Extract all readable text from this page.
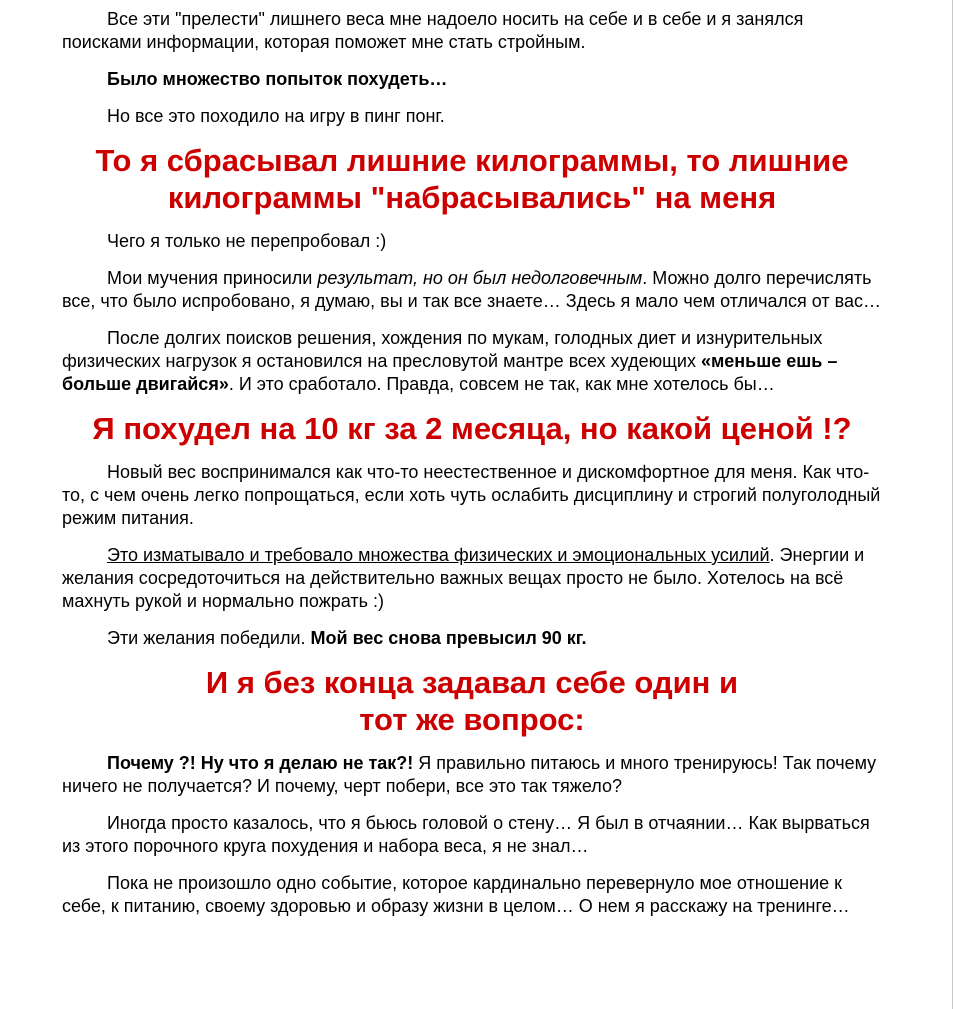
Все эти "прелести" лишнего веса мне надоело носить на себе и в себе и я занялся поисками информации, которая поможет мне стать стройным.

Было множество попыток похудеть…

Но все это походило на игру в пинг понг.

То я сбрасывал лишние килограммы, то лишние килограммы "набрасывались" на меня

Чего я только не перепробовал :)

Мои мучения приносили результат, но он был недолговечным. Можно долго перечислять все, что было испробовано, я думаю, вы и так все знаете… Здесь я мало чем отличался от вас…

После долгих поисков решения, хождения по мукам, голодных диет и изнурительных физических нагрузок я остановился на пресловутой мантре всех худеющих «меньше ешь – больше двигайся». И это сработало. Правда, совсем не так, как мне хотелось бы…

Я похудел на 10 кг за 2 месяца, но какой ценой !?

Новый вес воспринимался как что-то неестественное и дискомфортное для меня. Как что-то, с чем очень легко попрощаться, если хоть чуть ослабить дисциплину и строгий полуголодный режим питания.

Это изматывало и требовало множества физических и эмоциональных усилий. Энергии и желания сосредоточиться на действительно важных вещах просто не было. Хотелось на всё махнуть рукой и нормально пожрать :)

Эти желания победили. Мой вес снова превысил 90 кг.

И я без конца задавал себе один и тот же вопрос:

Почему ?! Ну что я делаю не так?! Я правильно питаюсь и много тренируюсь! Так почему ничего не получается? И почему, черт побери, все это так тяжело?

Иногда просто казалось, что я бьюсь головой о стену… Я был в отчаянии… Как вырваться из этого порочного круга похудения и набора веса, я не знал…

Пока не произошло одно событие, которое кардинально перевернуло мое отношение к себе, к питанию, своему здоровью и образу жизни в целом… О нем я расскажу на тренинге…
